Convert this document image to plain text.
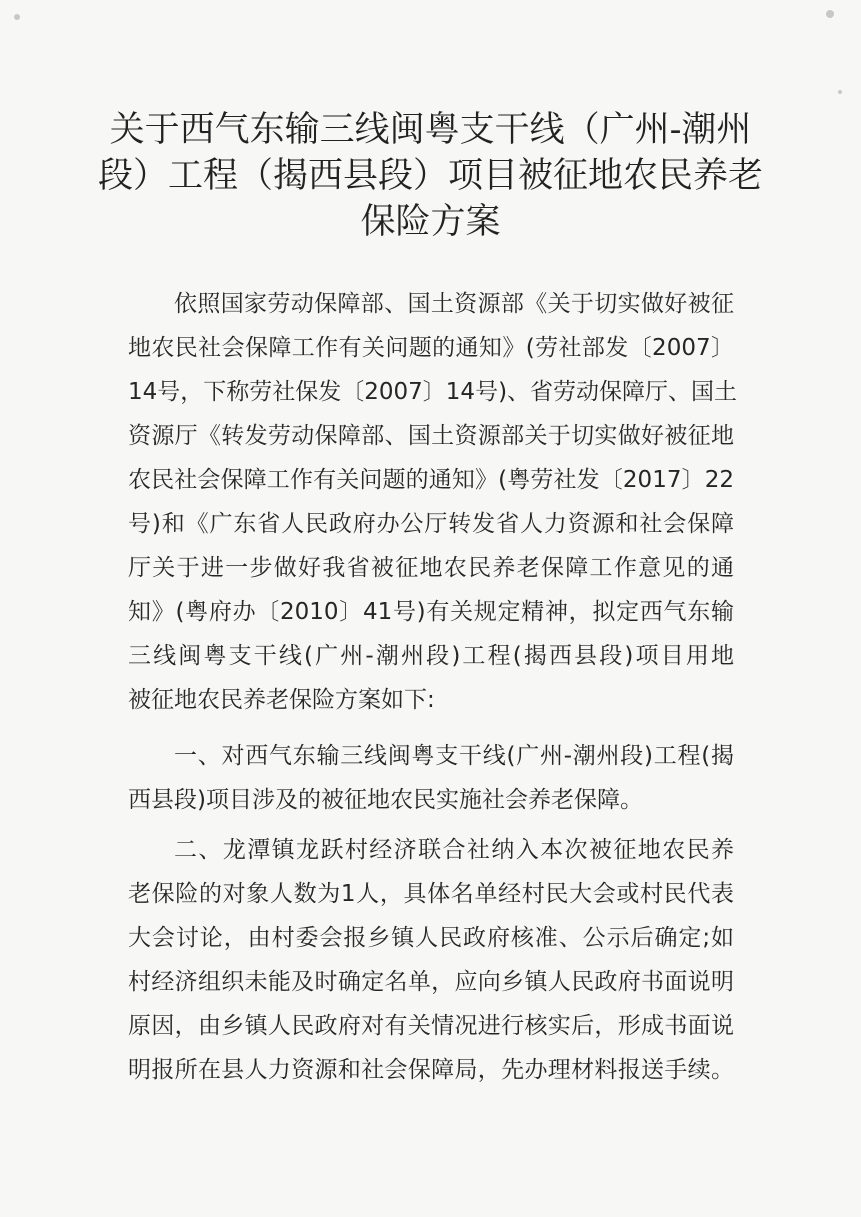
关于西气东输三线闽粤支干线（广州-潮州
段）工程（揭西县段）项目被征地农民养老
保险方案
依照国家劳动保障部、国土资源部《关于切实做好被征
地农民社会保障工作有关问题的通知》(劳社部发〔2007〕
14号，下称劳社保发〔2007〕14号)、省劳动保障厅、国土
资源厅《转发劳动保障部、国土资源部关于切实做好被征地
农民社会保障工作有关问题的通知》(粤劳社发〔2017〕22
号)和《广东省人民政府办公厅转发省人力资源和社会保障
厅关于进一步做好我省被征地农民养老保障工作意见的通
知》(粤府办〔2010〕41号)有关规定精神，拟定西气东输
三线闽粤支干线(广州-潮州段)工程(揭西县段)项目用地
被征地农民养老保险方案如下:
一、对西气东输三线闽粤支干线(广州-潮州段)工程(揭
西县段)项目涉及的被征地农民实施社会养老保障。
二、龙潭镇龙跃村经济联合社纳入本次被征地农民养
老保险的对象人数为1人，具体名单经村民大会或村民代表
大会讨论，由村委会报乡镇人民政府核准、公示后确定;如
村经济组织未能及时确定名单，应向乡镇人民政府书面说明
原因，由乡镇人民政府对有关情况进行核实后，形成书面说
明报所在县人力资源和社会保障局，先办理材料报送手续。
